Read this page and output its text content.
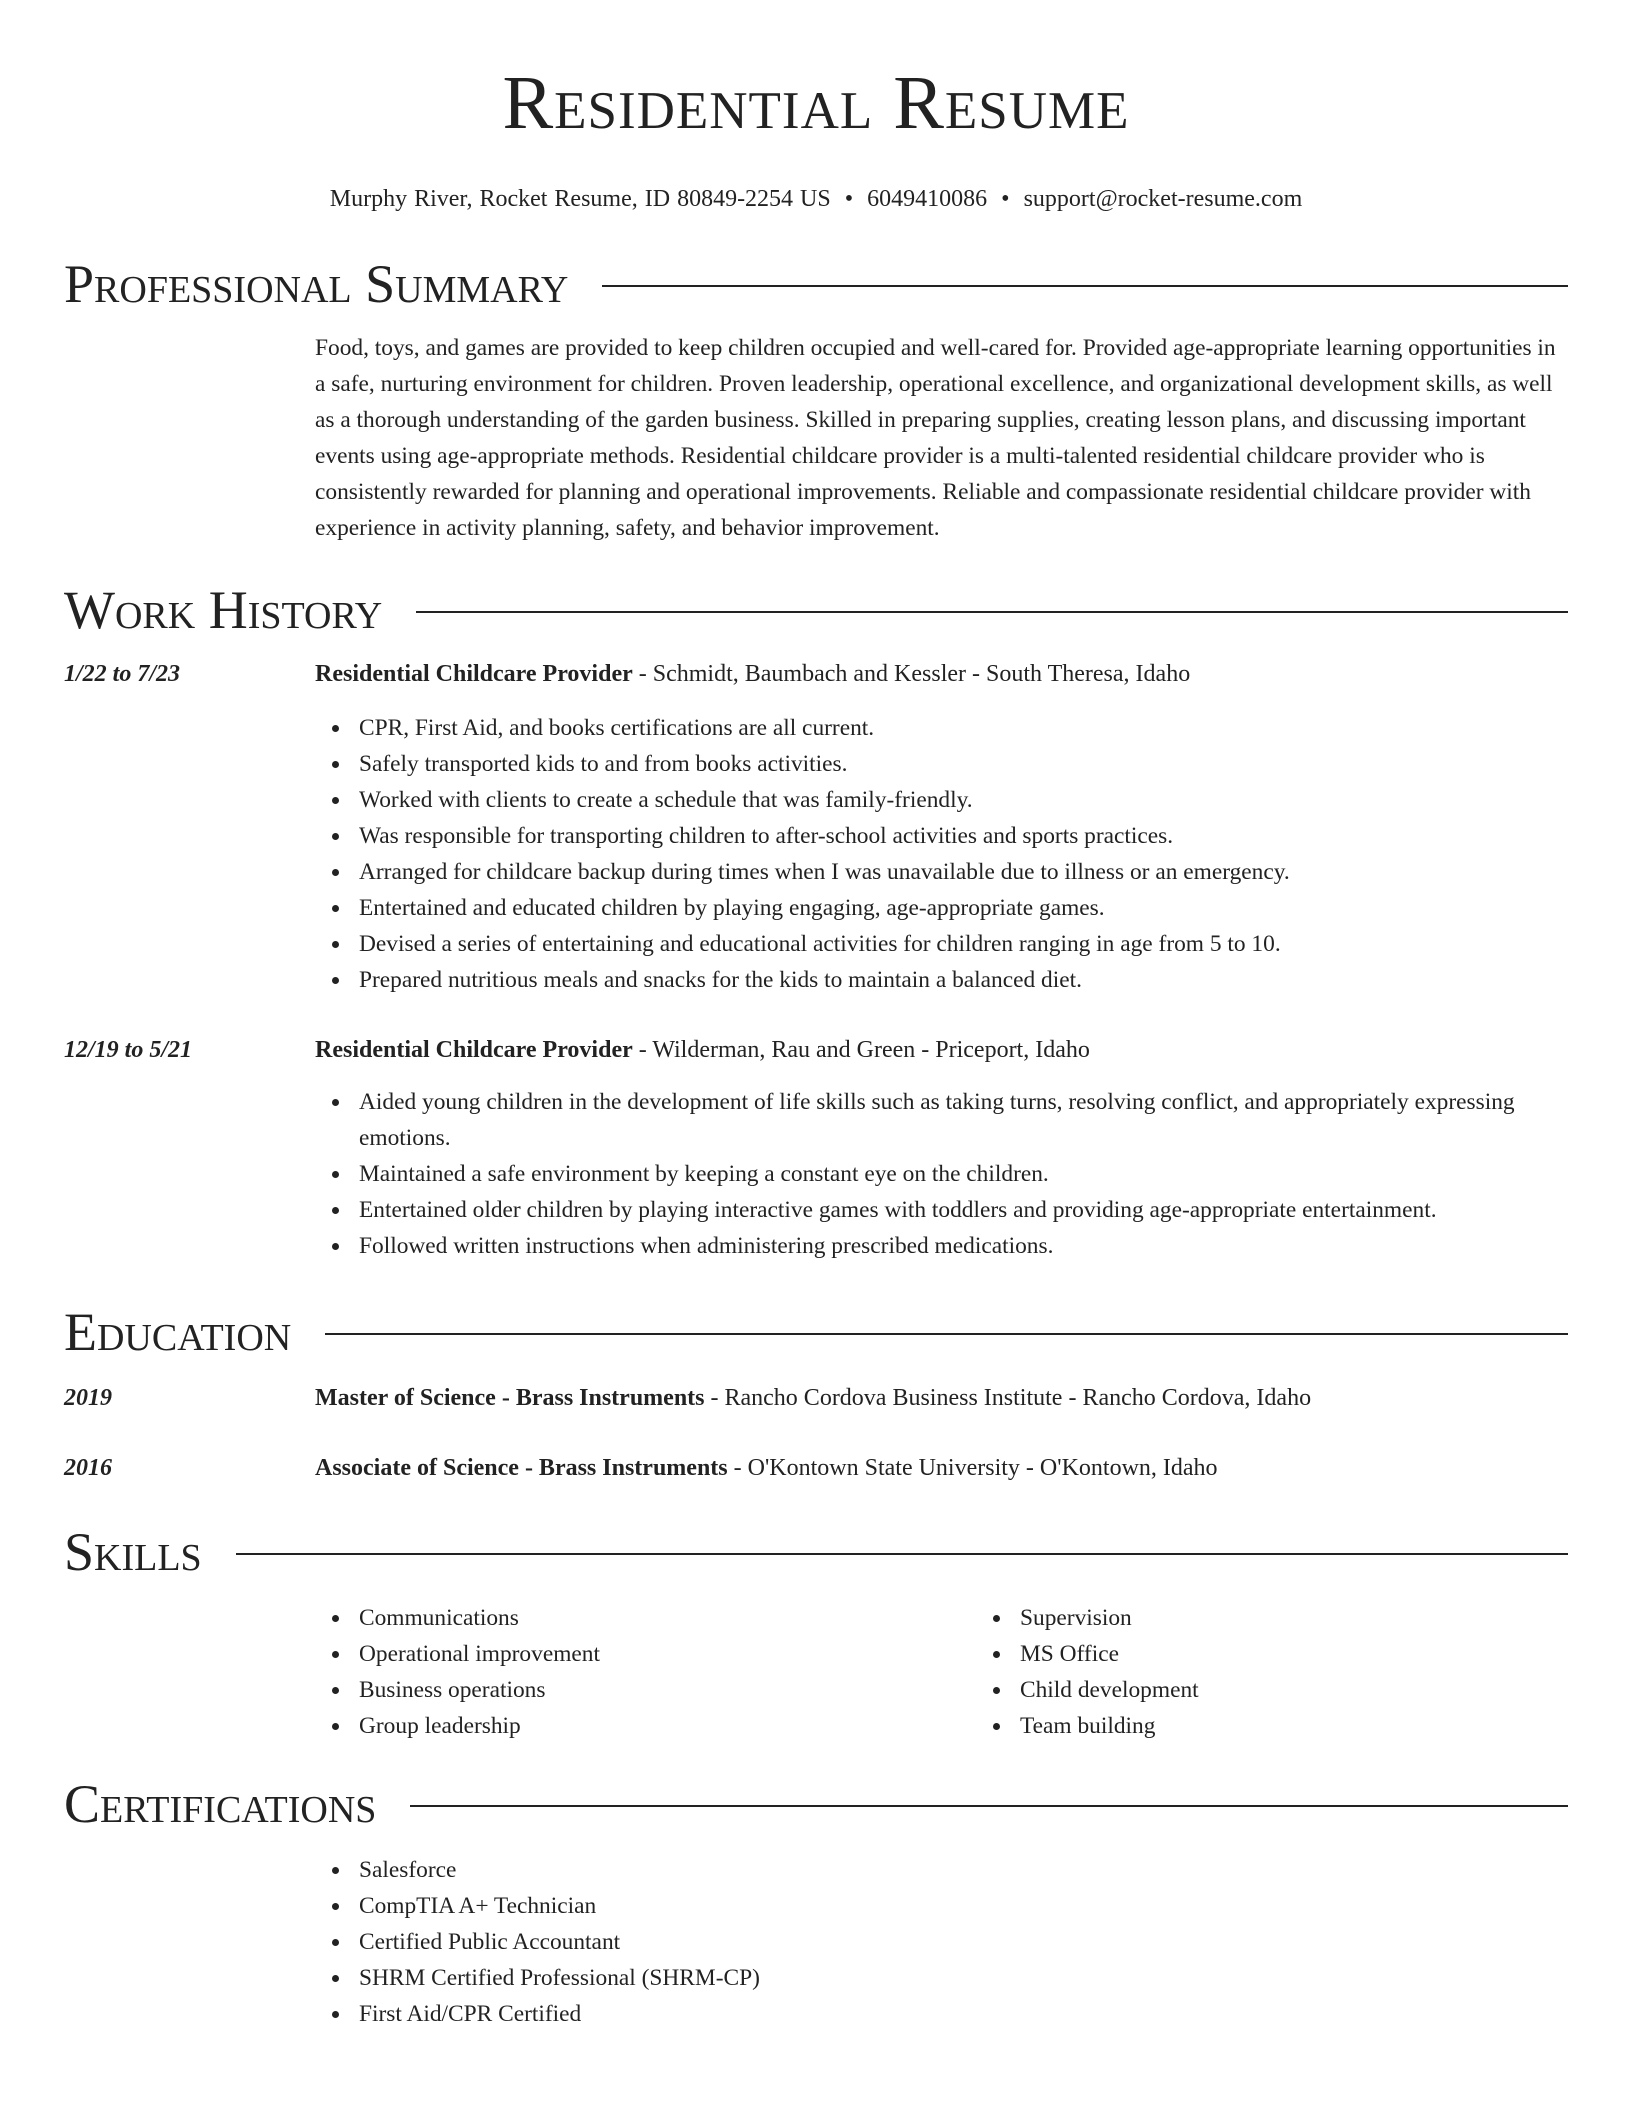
Residential Resume
Murphy River, Rocket Resume, ID 80849-2254 US • 6049410086 • support@rocket-resume.com
Professional Summary
Food, toys, and games are provided to keep children occupied and well-cared for. Provided age-appropriate learning opportunities in a safe, nurturing environment for children. Proven leadership, operational excellence, and organizational development skills, as well as a thorough understanding of the garden business. Skilled in preparing supplies, creating lesson plans, and discussing important events using age-appropriate methods. Residential childcare provider is a multi-talented residential childcare provider who is consistently rewarded for planning and operational improvements. Reliable and compassionate residential childcare provider with experience in activity planning, safety, and behavior improvement.
Work History
1/22 to 7/23	Residential Childcare Provider - Schmidt, Baumbach and Kessler - South Theresa, Idaho
CPR, First Aid, and books certifications are all current.
Safely transported kids to and from books activities.
Worked with clients to create a schedule that was family-friendly.
Was responsible for transporting children to after-school activities and sports practices.
Arranged for childcare backup during times when I was unavailable due to illness or an emergency.
Entertained and educated children by playing engaging, age-appropriate games.
Devised a series of entertaining and educational activities for children ranging in age from 5 to 10.
Prepared nutritious meals and snacks for the kids to maintain a balanced diet.
12/19 to 5/21	Residential Childcare Provider - Wilderman, Rau and Green - Priceport, Idaho
Aided young children in the development of life skills such as taking turns, resolving conflict, and appropriately expressing emotions.
Maintained a safe environment by keeping a constant eye on the children.
Entertained older children by playing interactive games with toddlers and providing age-appropriate entertainment.
Followed written instructions when administering prescribed medications.
Education
2019	Master of Science - Brass Instruments - Rancho Cordova Business Institute - Rancho Cordova, Idaho
2016	Associate of Science - Brass Instruments - O'Kontown State University - O'Kontown, Idaho
Skills
Communications
Operational improvement
Business operations
Group leadership
Supervision
MS Office
Child development
Team building
Certifications
Salesforce
CompTIA A+ Technician
Certified Public Accountant
SHRM Certified Professional (SHRM-CP)
First Aid/CPR Certified
